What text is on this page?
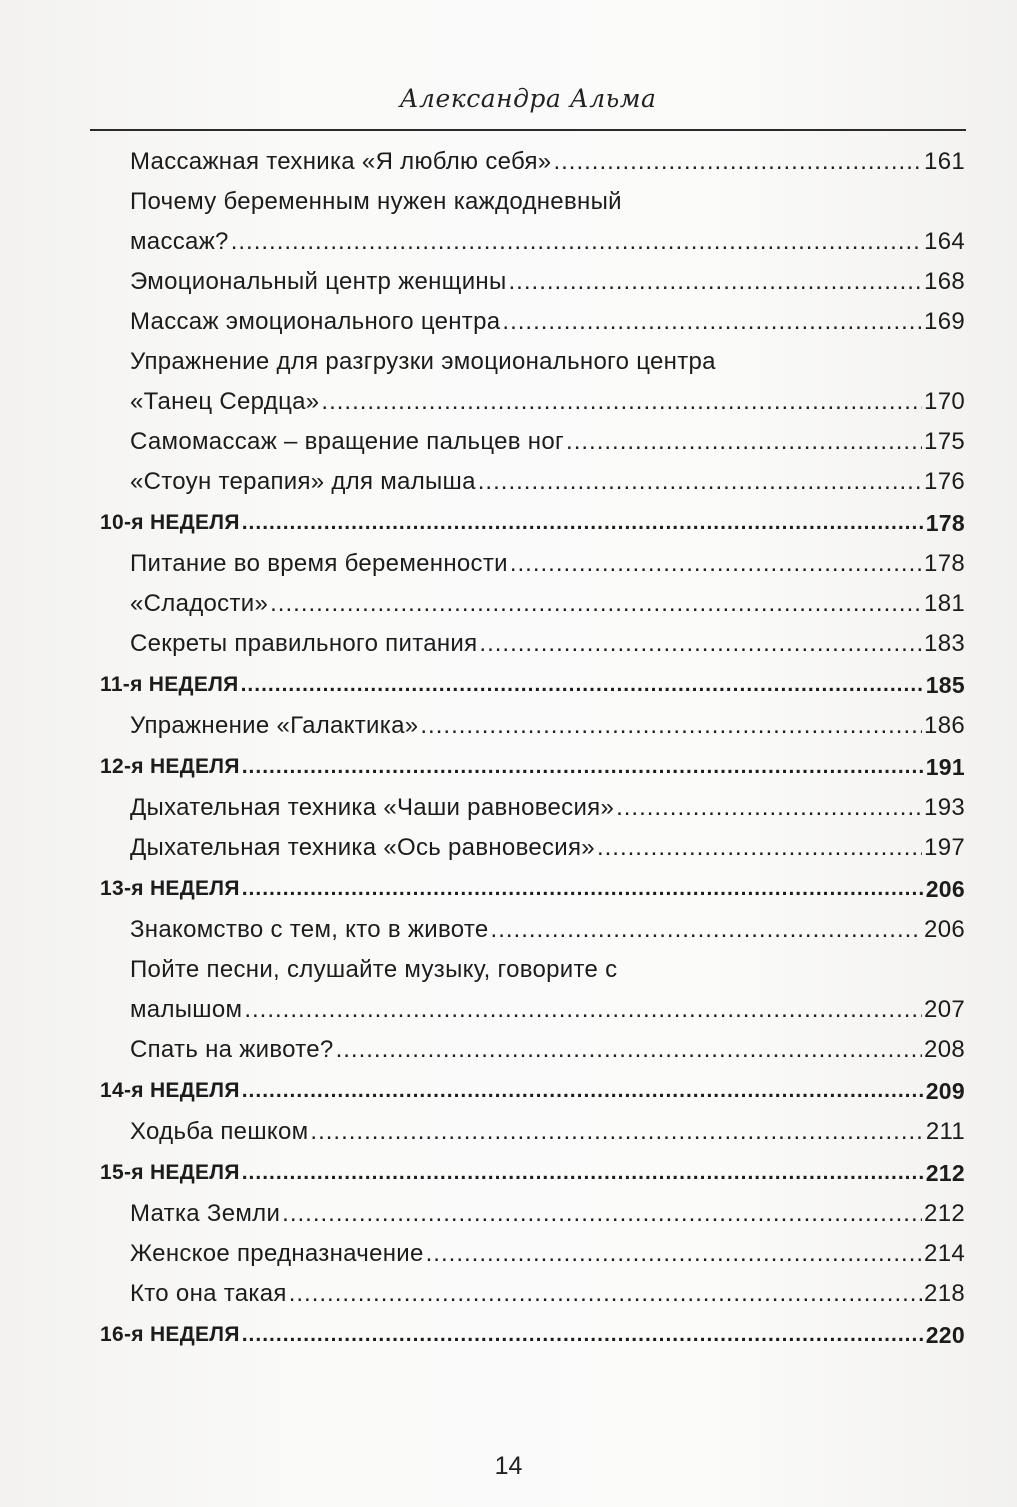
Александра Альма
Массажная техника «Я люблю себя» .....	161
Почему беременным нужен каждодневный
массаж? .....	164
Эмоциональный центр женщины .....	168
Массаж эмоционального центра .....	169
Упражнение для разгрузки эмоционального центра
«Танец Сердца» .....	170
Самомассаж – вращение пальцев ног .....	175
«Стоун терапия» для малыша .....	176
10-я НЕДЕЛЯ .....	178
Питание во время беременности .....	178
«Сладости» .....	181
Секреты правильного питания .....	183
11-я НЕДЕЛЯ .....	185
Упражнение «Галактика» .....	186
12-я НЕДЕЛЯ .....	191
Дыхательная техника «Чаши равновесия» .....	193
Дыхательная техника «Ось равновесия» .....	197
13-я НЕДЕЛЯ .....	206
Знакомство с тем, кто в животе .....	206
Пойте песни, слушайте музыку, говорите с
малышом .....	207
Спать на животе? .....	208
14-я НЕДЕЛЯ .....	209
Ходьба пешком .....	211
15-я НЕДЕЛЯ .....	212
Матка Земли .....	212
Женское предназначение .....	214
Кто она такая .....	218
16-я НЕДЕЛЯ .....	220
14
